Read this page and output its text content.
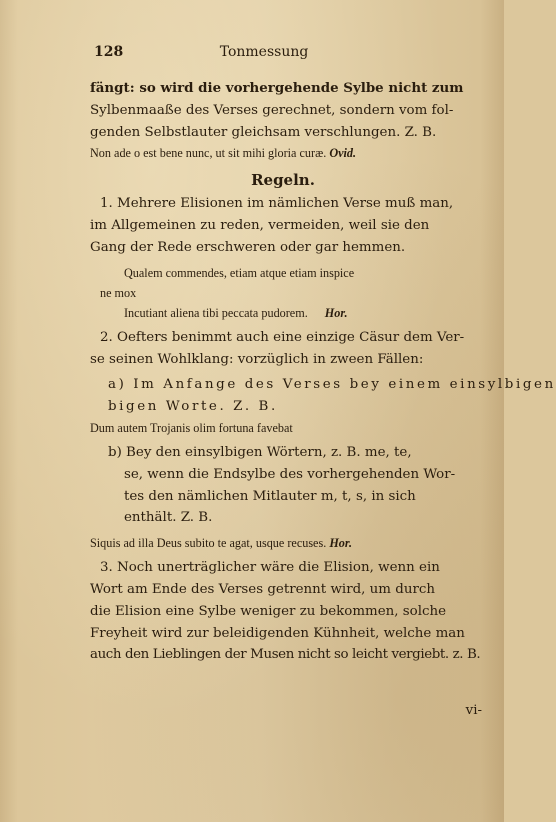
128	Tonmessung
fängt: so wird die vorhergehende Sylbe nicht zum
Sylbenmaaße des Verses gerechnet, sondern vom fol-
genden Selbstlauter gleichsam verschlungen. Z. B.
Non ade o est bene nunc, ut sit mihi gloria curæ. Ovid.
Regeln.
1. Mehrere Elisionen im nämlichen Verse muß man,
im Allgemeinen zu reden, vermeiden, weil sie den
Gang der Rede erschweren oder gar hemmen.
Qualem commendes, etiam atque etiam inspice
ne mox
Incutiant aliena tibi peccata pudorem. Hor.
2. Oefters benimmt auch eine einzige Cäsur dem Ver-
se seinen Wohlklang: vorzüglich in zween Fällen:
a) Im Anfange des Verses bey einem einsylbigen
bigen Worte. Z. B.
Dum autem Trojanis olim fortuna favebat
b) Bey den einsylbigen Wörtern, z. B. me, te,
se, wenn die Endsylbe des vorhergehenden Wor-
tes den nämlichen Mitlauter m, t, s, in sich
enthält. Z. B.
Siquis ad illa Deus subito te agat, usque recuses. Hor.
3. Noch unerträglicher wäre die Elision, wenn ein
Wort am Ende des Verses getrennt wird, um durch
die Elision eine Sylbe weniger zu bekommen, solche
Freyheit wird zur beleidigenden Kühnheit, welche man
auch den Lieblingen der Musen nicht so leicht vergiebt. z. B.
vi-
